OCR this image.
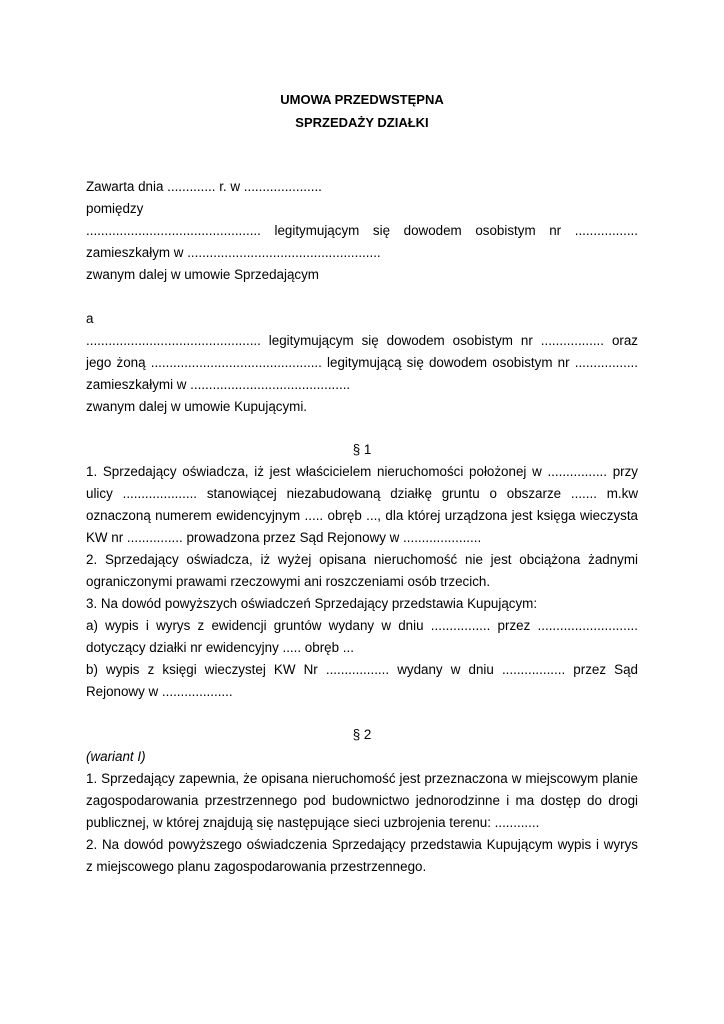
UMOWA PRZEDWSTĘPNA
SPRZEDAŻY DZIAŁKI
Zawarta dnia ............. r. w .....................
pomiędzy
............................................... legitymującym się dowodem osobistym nr .................
zamieszkałym w ....................................................
zwanym dalej w umowie Sprzedającym
a
............................................... legitymującym się dowodem osobistym nr ................. oraz
jego żoną .............................................. legitymującą się dowodem osobistym nr .................
zamieszkałymi w ...........................................
zwanym dalej w umowie Kupującymi.
§ 1
1. Sprzedający oświadcza, iż jest właścicielem nieruchomości położonej w ................ przy
ulicy .................... stanowiącej niezabudowaną działkę gruntu o obszarze ....... m.kw
oznaczoną numerem ewidencyjnym ..... obręb ..., dla której urządzona jest księga wieczysta
KW nr ............... prowadzona przez Sąd Rejonowy w .....................
2. Sprzedający oświadcza, iż wyżej opisana nieruchomość nie jest obciążona żadnymi
ograniczonymi prawami rzeczowymi ani roszczeniami osób trzecich.
3. Na dowód powyższych oświadczeń Sprzedający przedstawia Kupującym:
a) wypis i wyrys z ewidencji gruntów wydany w dniu ................ przez ...........................
dotyczący działki nr ewidencyjny ..... obręb ...
b) wypis z księgi wieczystej KW Nr ................. wydany w dniu ................. przez Sąd
Rejonowy w ...................
§ 2
(wariant I)
1. Sprzedający zapewnia, że opisana nieruchomość jest przeznaczona w miejscowym planie
zagospodarowania przestrzennego pod budownictwo jednorodzinne i ma dostęp do drogi
publicznej, w której znajdują się następujące sieci uzbrojenia terenu: ............
2. Na dowód powyższego oświadczenia Sprzedający przedstawia Kupującym wypis i wyrys
z miejscowego planu zagospodarowania przestrzennego.
